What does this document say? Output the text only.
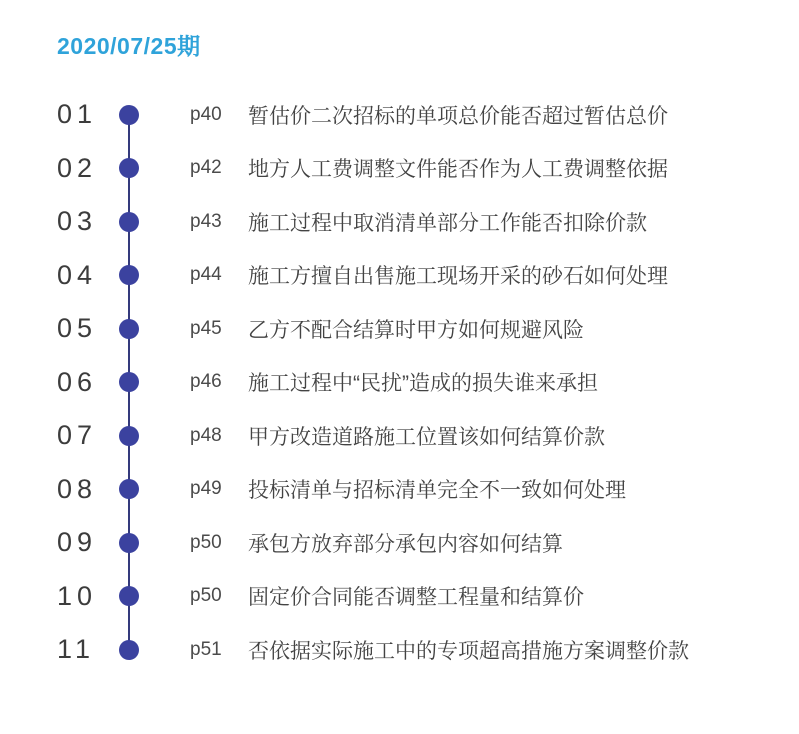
2020/07/25期
01	p40	暂估价二次招标的单项总价能否超过暂估总价
02	p42	地方人工费调整文件能否作为人工费调整依据
03	p43	施工过程中取消清单部分工作能否扣除价款
04	p44	施工方擅自出售施工现场开采的砂石如何处理
05	p45	乙方不配合结算时甲方如何规避风险
06	p46	施工过程中“民扰”造成的损失谁来承担
07	p48	甲方改造道路施工位置该如何结算价款
08	p49	投标清单与招标清单完全不一致如何处理
09	p50	承包方放弃部分承包内容如何结算
10	p50	固定价合同能否调整工程量和结算价
11	p51	否依据实际施工中的专项超高措施方案调整价款
